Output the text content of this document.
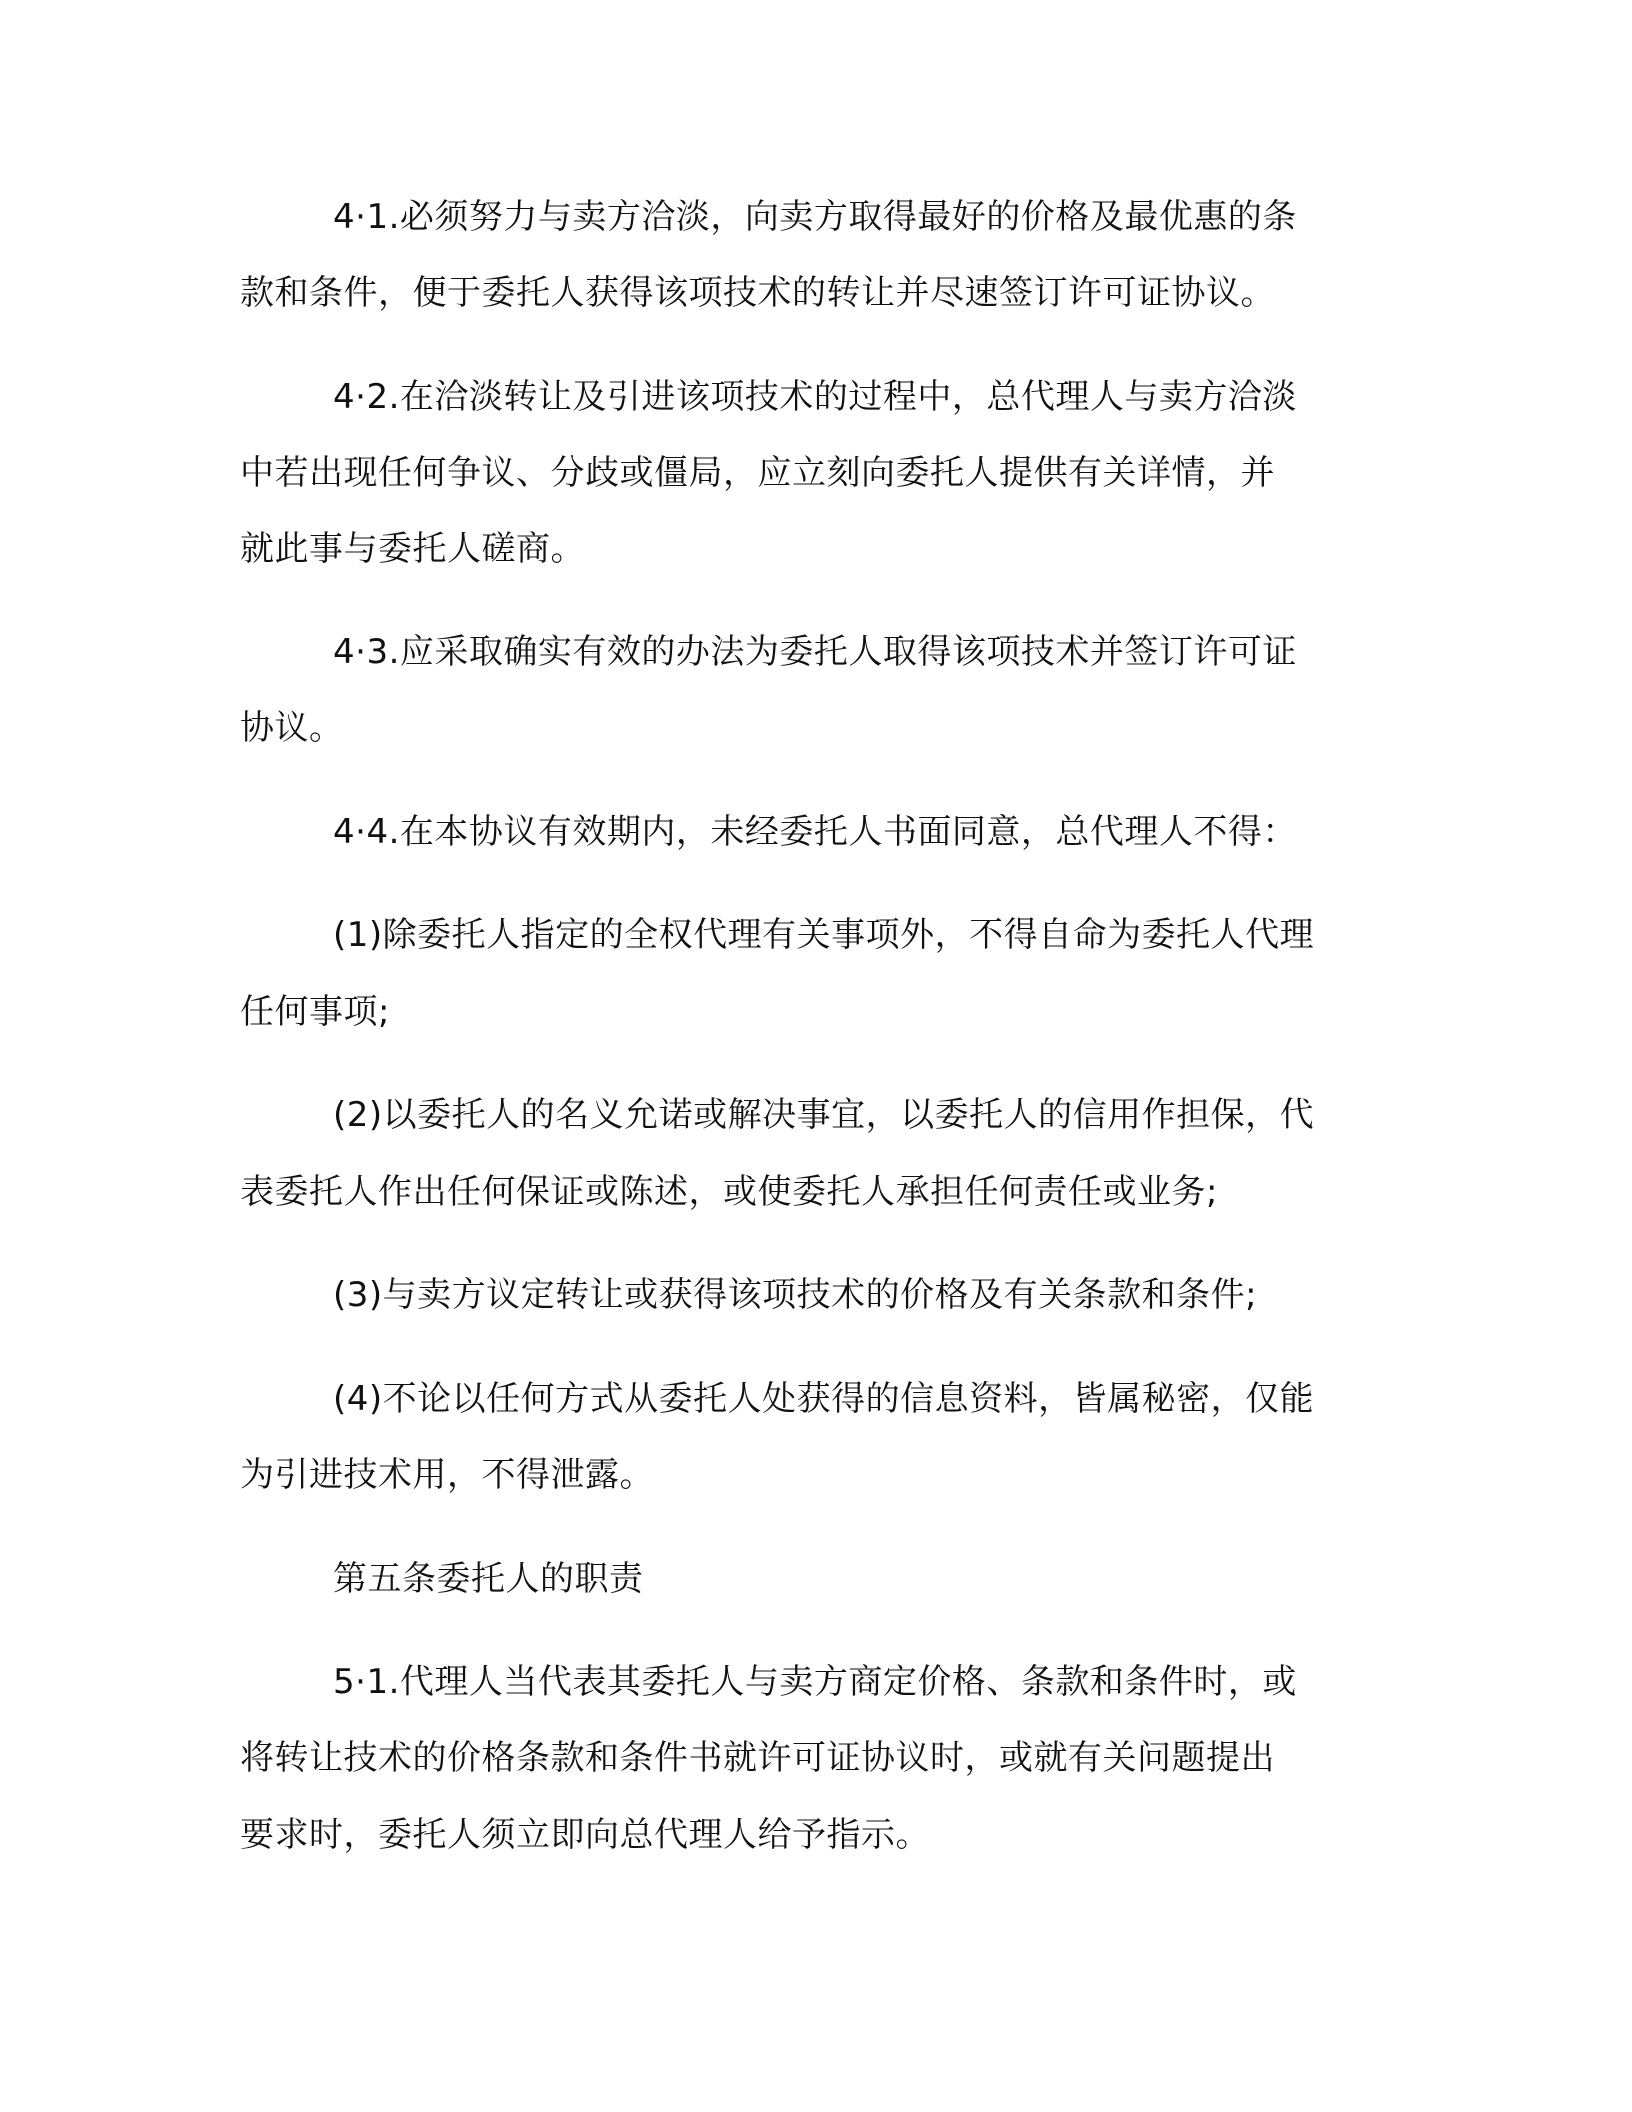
4·1.必须努力与卖方洽淡，向卖方取得最好的价格及最优惠的条
款和条件，便于委托人获得该项技术的转让并尽速签订许可证协议。
4·2.在洽淡转让及引进该项技术的过程中，总代理人与卖方洽淡
中若出现任何争议、分歧或僵局，应立刻向委托人提供有关详情，并
就此事与委托人磋商。
4·3.应采取确实有效的办法为委托人取得该项技术并签订许可证
协议。
4·4.在本协议有效期内，未经委托人书面同意，总代理人不得：
(1)除委托人指定的全权代理有关事项外，不得自命为委托人代理
任何事项;
(2)以委托人的名义允诺或解决事宜，以委托人的信用作担保，代
表委托人作出任何保证或陈述，或使委托人承担任何责任或业务;
(3)与卖方议定转让或获得该项技术的价格及有关条款和条件;
(4)不论以任何方式从委托人处获得的信息资料，皆属秘密，仅能
为引进技术用，不得泄露。
第五条委托人的职责
5·1.代理人当代表其委托人与卖方商定价格、条款和条件时，或
将转让技术的价格条款和条件书就许可证协议时，或就有关问题提出
要求时，委托人须立即向总代理人给予指示。
